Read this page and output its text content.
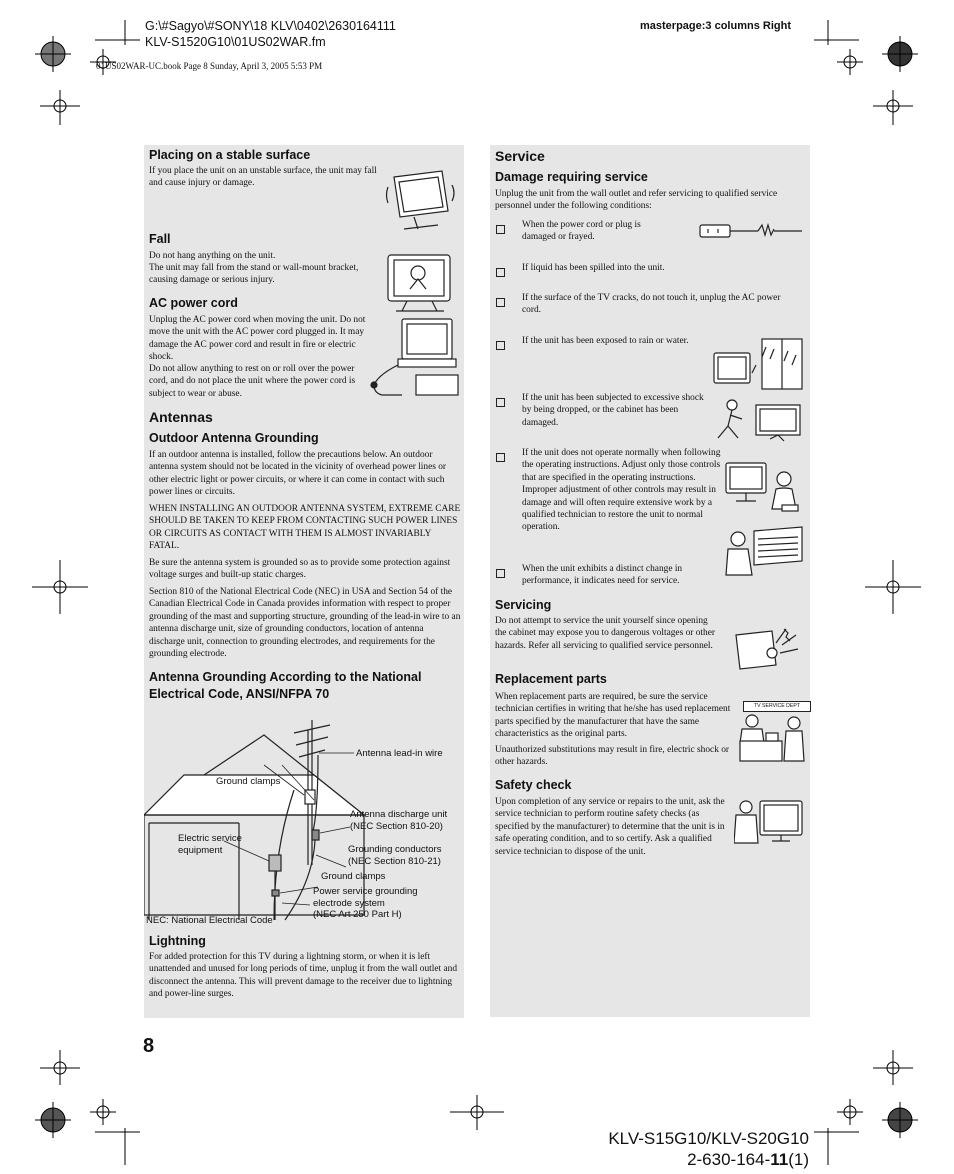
G:\#Sagyo\#SONY\18 KLV\0402\2630164111
KLV-S1520G10\01US02WAR.fm
masterpage:3 columns Right
01US02WAR-UC.book Page 8 Sunday, April 3, 2005 5:53 PM
Placing on a stable surface
If you place the unit on an unstable surface, the unit may fall and cause injury or damage.
Fall
Do not hang anything on the unit.
The unit may fall from the stand or wall-mount bracket, causing damage or serious injury.
AC power cord
Unplug the AC power cord when moving the unit. Do not move the unit with the AC power cord plugged in. It may damage the AC power cord and result in fire or electric shock.
Do not allow anything to rest on or roll over the power cord, and do not place the unit where the power cord is subject to wear or abuse.
Antennas
Outdoor Antenna Grounding
If an outdoor antenna is installed, follow the precautions below. An outdoor antenna system should not be located in the vicinity of overhead power lines or other electric light or power circuits, or where it can come in contact with such power lines or circuits.
WHEN INSTALLING AN OUTDOOR ANTENNA SYSTEM, EXTREME CARE SHOULD BE TAKEN TO KEEP FROM CONTACTING SUCH POWER LINES OR CIRCUITS AS CONTACT WITH THEM IS ALMOST INVARIABLY FATAL.
Be sure the antenna system is grounded so as to provide some protection against voltage surges and built-up static charges.
Section 810 of the National Electrical Code (NEC) in USA and Section 54 of the Canadian Electrical Code in Canada provides information with respect to proper grounding of the mast and supporting structure, grounding of the lead-in wire to an antenna discharge unit, size of grounding conductors, location of antenna discharge unit, connection to grounding electrodes, and requirements for the grounding electrode.
Antenna Grounding According to the National Electrical Code, ANSI/NFPA 70
Antenna lead-in wire
Ground clamps
Antenna discharge unit
(NEC Section 810-20)
Electric service
equipment	Grounding conductors
(NEC Section 810-21)
Ground clamps
Power service grounding
electrode system
(NEC Art 250 Part H)
NEC: National Electrical Code
Lightning
For added protection for this TV during a lightning storm, or when it is left unattended and unused for long periods of time, unplug it from the wall outlet and disconnect the antenna. This will prevent damage to the receiver due to lightning and power-line surges.
Service
Damage requiring service
Unplug the unit from the wall outlet and refer servicing to qualified service personnel under the following conditions:
When the power cord or plug is damaged or frayed.
If liquid has been spilled into the unit.
If the surface of the TV cracks, do not touch it, unplug the AC power cord.
If the unit has been exposed to rain or water.
If the unit has been subjected to excessive shock by being dropped, or the cabinet has been damaged.
If the unit does not operate normally when following the operating instructions. Adjust only those controls that are specified in the operating instructions. Improper adjustment of other controls may result in damage and will often require extensive work by a qualified technician to restore the unit to normal operation.
When the unit exhibits a distinct change in performance, it indicates need for service.
Servicing
Do not attempt to service the unit yourself since opening the cabinet may expose you to dangerous voltages or other hazards. Refer all servicing to qualified service personnel.
Replacement parts
When replacement parts are required, be sure the service technician certifies in writing that he/she has used replacement parts specified by the manufacturer that have the same characteristics as the original parts.
Unauthorized substitutions may result in fire, electric shock or other hazards.
TV SERVICE DEPT
Safety check
Upon completion of any service or repairs to the unit, ask the service technician to perform routine safety checks (as specified by the manufacturer) to determine that the unit is in safe operating condition, and to so certify. Ask a qualified service technician to dispose of the unit.
8
KLV-S15G10/KLV-S20G10
2-630-164-11(1)
